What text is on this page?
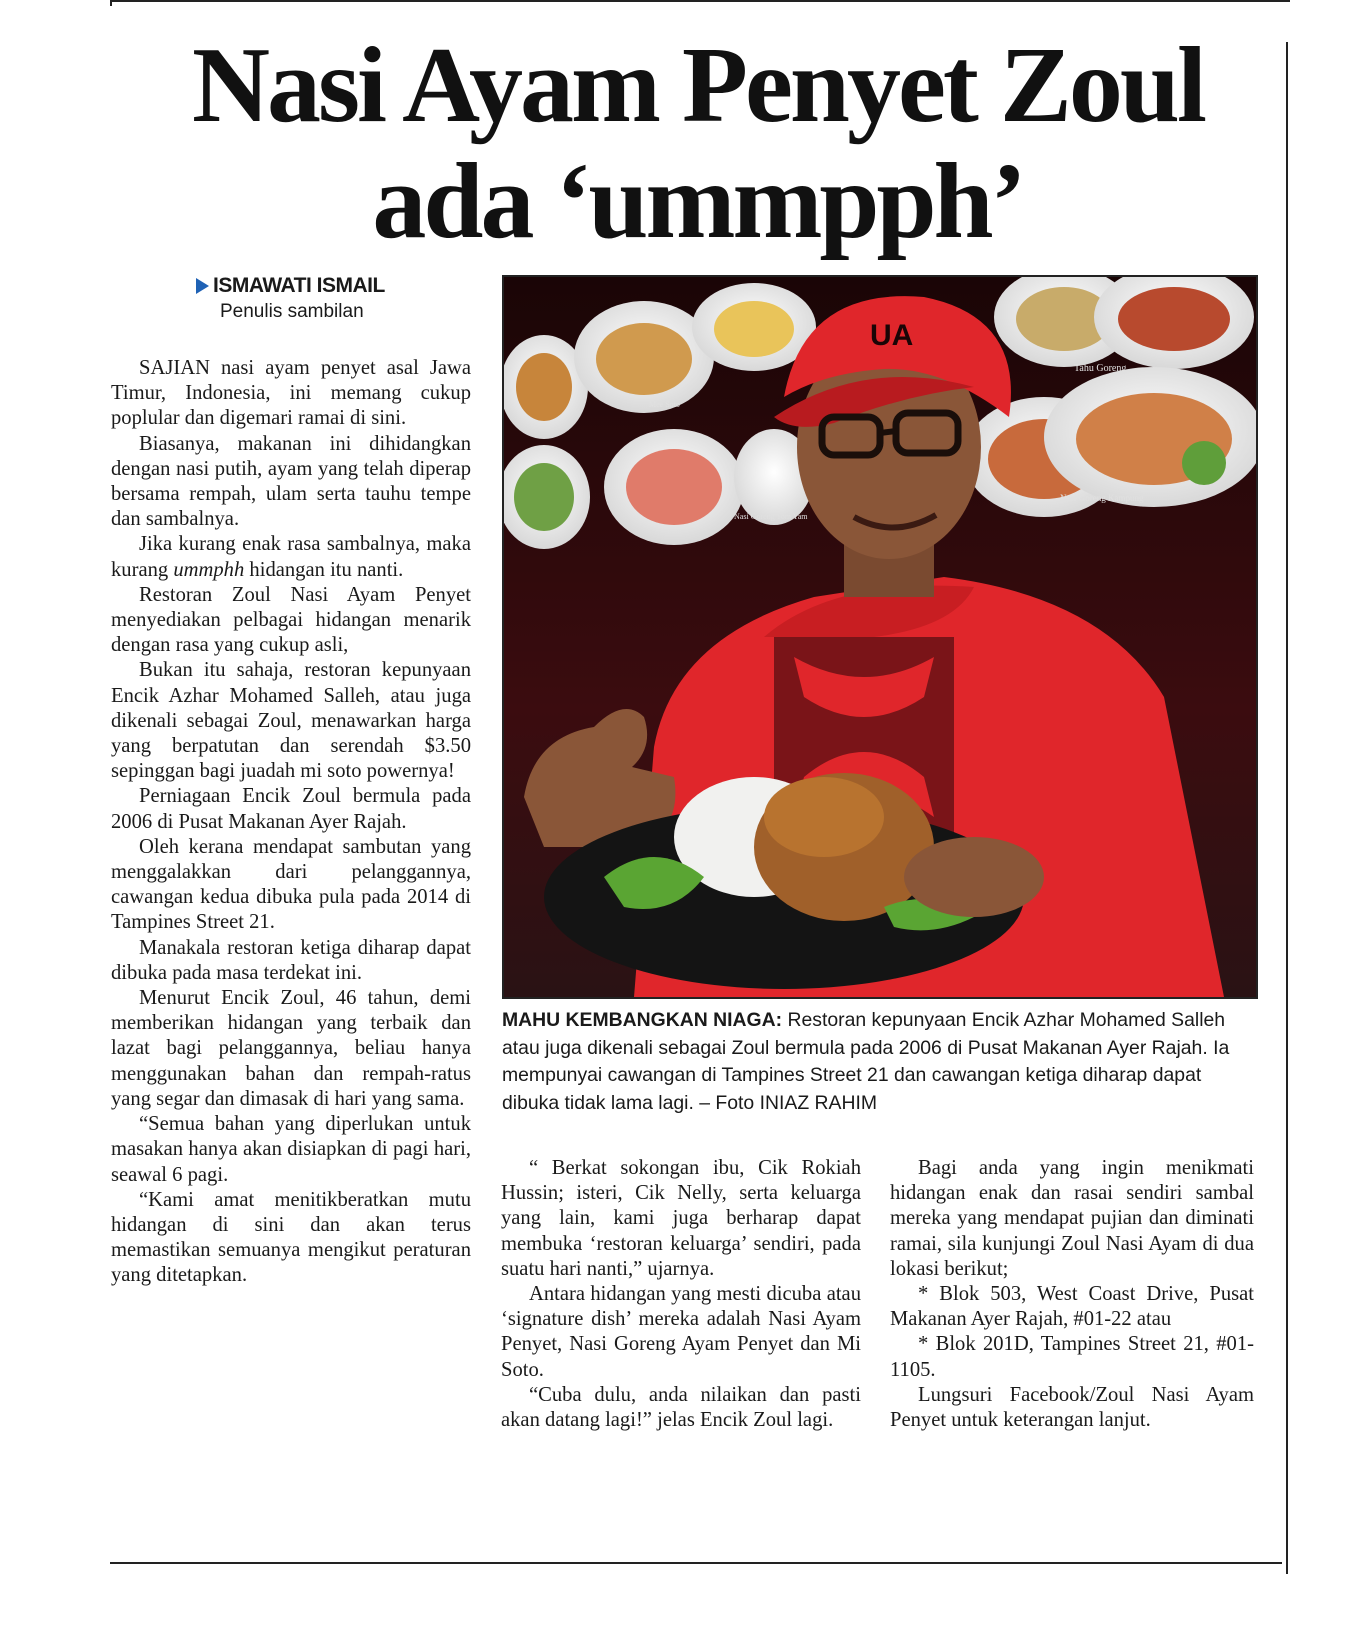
Nasi Ayam Penyet Zoul
ada ‘ummpph’
ISMAWATI ISMAIL
Penulis sambilan

SAJIAN nasi ayam penyet asal Jawa Timur, Indonesia, ini memang cukup poplular dan digemari ramai di sini.

Biasanya, makanan ini dihidangkan dengan nasi putih, ayam yang telah diperap bersama rempah, ulam serta tauhu tempe dan sambalnya.

Jika kurang enak rasa sambalnya, maka kurang ummphh hidangan itu nanti.

Restoran Zoul Nasi Ayam Penyet menyediakan pelbagai hidangan menarik dengan rasa yang cukup asli,

Bukan itu sahaja, restoran kepunyaan Encik Azhar Mohamed Salleh, atau juga dikenali sebagai Zoul, menawarkan harga yang berpatutan dan serendah $3.50 sepinggan bagi juadah mi soto powernya!

Perniagaan Encik Zoul bermula pada 2006 di Pusat Makanan Ayer Rajah.

Oleh kerana mendapat sambutan yang menggalakkan dari pelanggannya, cawangan kedua dibuka pula pada 2014 di Tampines Street 21.

Manakala restoran ketiga diharap dapat dibuka pada masa terdekat ini.

Menurut Encik Zoul, 46 tahun, demi memberikan hidangan yang terbaik dan lazat bagi pelanggannya, beliau hanya menggunakan bahan dan rempah-ratus yang segar dan dimasak di hari yang sama.

“Semua bahan yang diperlukan untuk masakan hanya akan disiapkan di pagi hari, seawal 6 pagi.

“Kami amat menitikberatkan mutu hidangan di sini dan akan terus memastikan semuanya mengikut peraturan yang ditetapkan.

Tahu Goreng
Nasi Goreng Kampung
Nasi Goreng Tom Yam
Mee Soto
UA
MAHU KEMBANGKAN NIAGA: Restoran kepunyaan Encik Azhar Mohamed Salleh atau juga dikenali sebagai Zoul bermula pada 2006 di Pusat Makanan Ayer Rajah. Ia mempunyai cawangan di Tampines Street 21 dan cawangan ketiga diharap dapat dibuka tidak lama lagi. – Foto INIAZ RAHIM

“ Berkat sokongan ibu, Cik Rokiah Hussin; isteri, Cik Nelly, serta keluarga yang lain, kami juga berharap dapat membuka ‘restoran keluarga’ sendiri, pada suatu hari nanti,” ujarnya.

Antara hidangan yang mesti dicuba atau ‘signature dish’ mereka adalah Nasi Ayam Penyet, Nasi Goreng Ayam Penyet dan Mi Soto.

“Cuba dulu, anda nilaikan dan pasti akan datang lagi!” jelas Encik Zoul lagi.

Bagi anda yang ingin menikmati hidangan enak dan rasai sendiri sambal mereka yang mendapat pujian dan diminati ramai, sila kunjungi Zoul Nasi Ayam di dua lokasi berikut;

* Blok 503, West Coast Drive, Pusat Makanan Ayer Rajah, #01-22 atau

* Blok 201D, Tampines Street 21, #01-1105.

Lungsuri Facebook/Zoul Nasi Ayam Penyet untuk keterangan lanjut.
